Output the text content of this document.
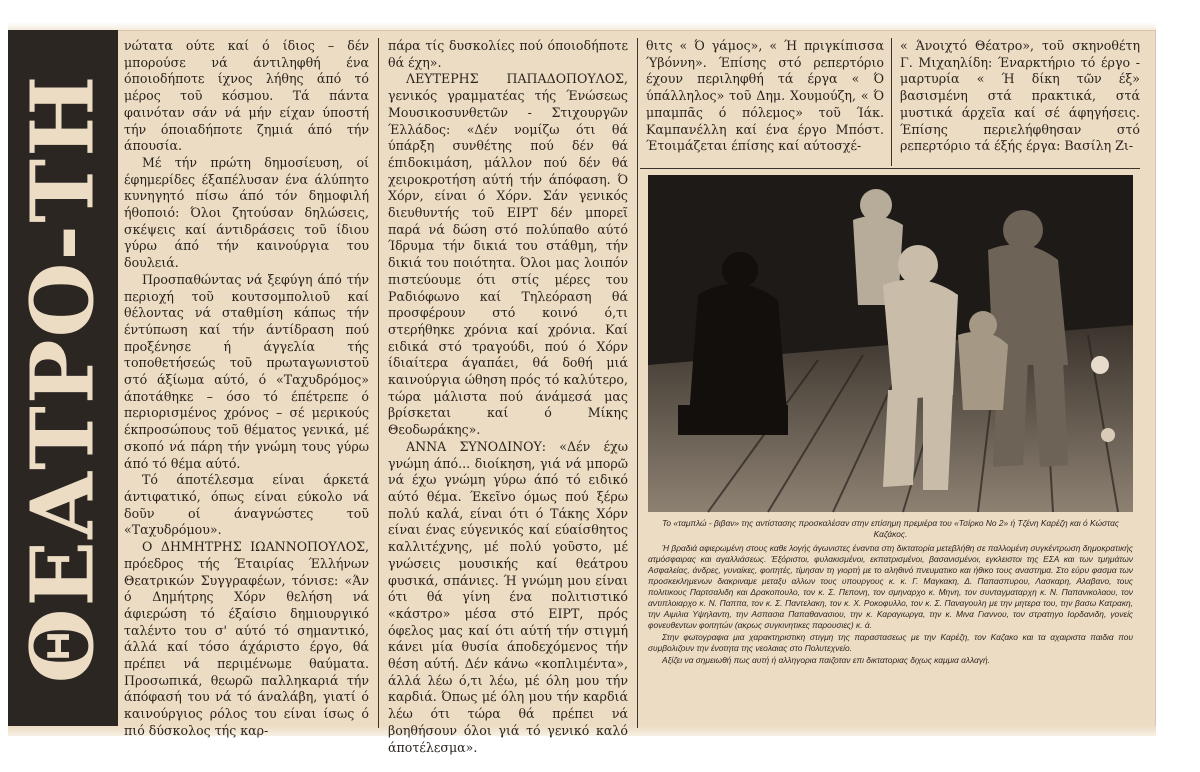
ΘΕΑΤΡΟ-ΤΗ

νώτατα ούτε καί ό ίδιος – δέν μπορούσε νά άντιληφθή ένα όποιοδήποτε ίχνος λήθης άπό τό μέρος τοῦ κόσμου. Τά πάντα φαινόταν σάν νά μήν είχαν ύποστή τήν όποιαδήποτε ζημιά άπό τήν άπουσία.

Μέ τήν πρώτη δημοσίευση, οί έφημερίδες έξαπέλυσαν ένα άλύπητο κυνηγητό πίσω άπό τόν δημοφιλή ήθοποιό: Όλοι ζητούσαν δηλώσεις, σκέψεις καί άντιδράσεις τοῦ ίδιου γύρω άπό τήν καινούργια του δουλειά.

Προσπαθώντας νά ξεφύγη άπό τήν περιοχή τοῦ κουτσομπολιοῦ καί θέλοντας νά σταθμίση κάπως τήν έντύπωση καί τήν άντίδραση πού προξένησε ή άγγελία τής τοποθετήσεώς τοῦ πρωταγωνιστοῦ στό άξίωμα αύτό, ό «Ταχυδρόμος» άποτάθηκε – όσο τό έπέτρεπε ό περιορισμένος χρόνος – σέ μερικούς έκπροσώπους τοῦ θέματος γενικά, μέ σκοπό νά πάρη τήν γνώμη τους γύρω άπό τό θέμα αύτό.

Τό άποτέλεσμα είναι άρκετά άντιφατικό, όπως είναι εύκολο νά δοῦν οί άναγνώστες τοῦ «Ταχυδρόμου».

Ο ΔΗΜΗΤΡΗΣ ΙΩΑΝΝΟΠΟΥΛΟΣ, πρόεδρος τής Έταιρίας Έλλήνων Θεατρικών Συγγραφέων, τόνισε: «Άν ό Δημήτρης Χόρν θελήση νά άφιερώση τό έξαίσιο δημιουργικό ταλέντο του σ' αύτό τό σημαντικό, άλλά καί τόσο άχάριστο έργο, θά πρέπει νά περιμένωμε θαύματα. Προσωπικά, θεωρῶ παλληκαριά τήν άπόφασή του νά τό άναλάβη, γιατί ό καινούργιος ρόλος του είναι ίσως ό πιό δύσκολος τής καρ-

πάρα τίς δυσκολίες πού όποιοδήποτε θά έχη».

ΛΕΥΤΕΡΗΣ ΠΑΠΑΔΟΠΟΥΛΟΣ, γενικός γραμματέας τής Ένώσεως Μουσικοσυνθετῶν - Στιχουργῶν Έλλάδος: «Δέν νομίζω ότι θά ύπάρξη συνθέτης πού δέν θά έπιδοκιμάση, μάλλον πού δέν θά χειροκροτήση αύτή τήν άπόφαση. Ό Χόρν, είναι ό Χόρν. Σάν γενικός διευθυντής τοῦ ΕΙΡΤ δέν μπορεῖ παρά νά δώση στό πολύπαθο αύτό Ίδρυμα τήν δικιά του στάθμη, τήν δικιά του ποιότητα. Όλοι μας λοιπόν πιστεύουμε ότι στίς μέρες του Ραδιόφωνο καί Τηλεόραση θά προσφέρουν στό κοινό ό,τι στερήθηκε χρόνια καί χρόνια. Καί ειδικά στό τραγούδι, πού ό Χόρν ίδιαίτερα άγαπάει, θά δοθή μιά καινούργια ώθηση πρός τό καλύτερο, τώρα μάλιστα πού άνάμεσά μας βρίσκεται καί ό Μίκης Θεοδωράκης».

ΑΝΝΑ ΣΥΝΟΔΙΝΟΥ: «Δέν έχω γνώμη άπό... διοίκηση, γιά νά μπορῶ νά έχω γνώμη γύρω άπό τό ειδικό αύτό θέμα. Έκεῖνο όμως πού ξέρω πολύ καλά, είναι ότι ό Τάκης Χόρν είναι ένας εύγενικός καί εύαίσθητος καλλιτέχνης, μέ πολύ γοῦστο, μέ γνώσεις μουσικής καί θεάτρου φυσικά, σπάνιες. Ή γνώμη μου είναι ότι θά γίνη ένα πολιτιστικό «κάστρο» μέσα στό ΕΙΡΤ, πρός όφελος μας καί ότι αύτή τήν στιγμή κάνει μία θυσία άποδεχόμενος τήν θέση αύτή. Δέν κάνω «κοπλιμέντα», άλλά λέω ό,τι λέω, μέ όλη μου τήν καρδιά. Όπως μέ όλη μου τήν καρδιά λέω ότι τώρα θά πρέπει νά βοηθήσουν όλοι γιά τό γενικό καλό άποτέλεσμα».

θιτς « Ό γάμος», « Ή πριγκίπισσα Ύβόννη». Έπίσης στό ρεπερτόριο έχουν περιληφθή τά έργα « Ό ύπάλληλος» τοῦ Δημ. Χουμούζη, « Ό μπαμπᾶς ό πόλεμος» τοῦ Ίάκ. Καμπανέλλη καί ένα έργο Μπόστ. Έτοιμάζεται έπίσης καί αύτοσχέ-

« Άνοιχτό Θέατρο», τοῦ σκηνοθέτη Γ. Μιχαηλίδη: Έναρκτήριο τό έργο - μαρτυρία « Ή δίκη τῶν έξ» βασισμένη στά πρακτικά, στά μυστικά άρχεῖα καί σέ άφηγήσεις. Έπίσης περιελήφθησαν στό ρεπερτόριο τά έξής έργα: Βασίλη Ζι-

Το «ταμπλώ - βιβαν» της αντίστασης προσκαλέσαν στην επίσημη πρεμιέρα του «Τσίρκο Νο 2» ή Τζένη Καρέζη και ό Κώστας Καζάκος.

Ή βραδιά αφιερωμένη στους καθε λογής άγωνιστες έναντια στη δικτατορία μετεβλήθη σε παλλομένη συγκέντρωση δημοκρατικής ατμόσφαιρας και αγαλλιάσεως. Έξόριστοι, φυλακισμένοι, εκπατρισμένοι, βασανισμένοι, εγκλειστοι της ΕΣΑ και των τμημάτων Ασφαλείας, άνδρες, γυναίκες, φοιτητές, τίμησαν τη γιορτή με το αληθινό πνευματικο και ήθικο τους αναστημα. Στο εύρυ φασμα των προσκεκλημενων διακριναμε μεταξυ αλλων τους υπουργους κ. κ. Γ. Μαγκακη, Δ. Παπασπυρου, Λασκαρη, Αλαβανο, τους πολιτικους Παρτσαλιδη και Δρακοπουλο, τον κ. Σ. Πεπονη, τον σμηναρχο κ. Μηνη, τον συνταγματαρχη κ. Ν. Παπανικολαου, τον αντιπλοιαρχο κ. Ν. Παππα, τον κ. Σ. Παντελακη, τον κ. Χ. Ροκοφυλλο, τον κ. Σ. Παναγουλη με την μητερα του, την βασω Κατρακη, την Αιμιλια Υψηλαντη, την Ασπασια Παπαθανασιου, την κ. Καραγιωργα, την κ. Μινα Γιαννου, τον στρατηγο Ιορδανιδη, γονείς φονευθεντων φοιτητών (ακρως συγκινητικες παρουσιες) κ. ά.

Στην φωτογραφια μια χαρακτηριστικη στιγμη της παραστασεως με την Καρέζη, τον Καζακο και τα αχαιριστα παιδια που συμβολιζουν την ένοτητα της νεολαιας στο Πολυτεχνείο.

Αξίζει να σημειωθή πως αυτή ή αλληγορια παιζοταν επι δικτατοριας διχως καμμια αλλαγή.
